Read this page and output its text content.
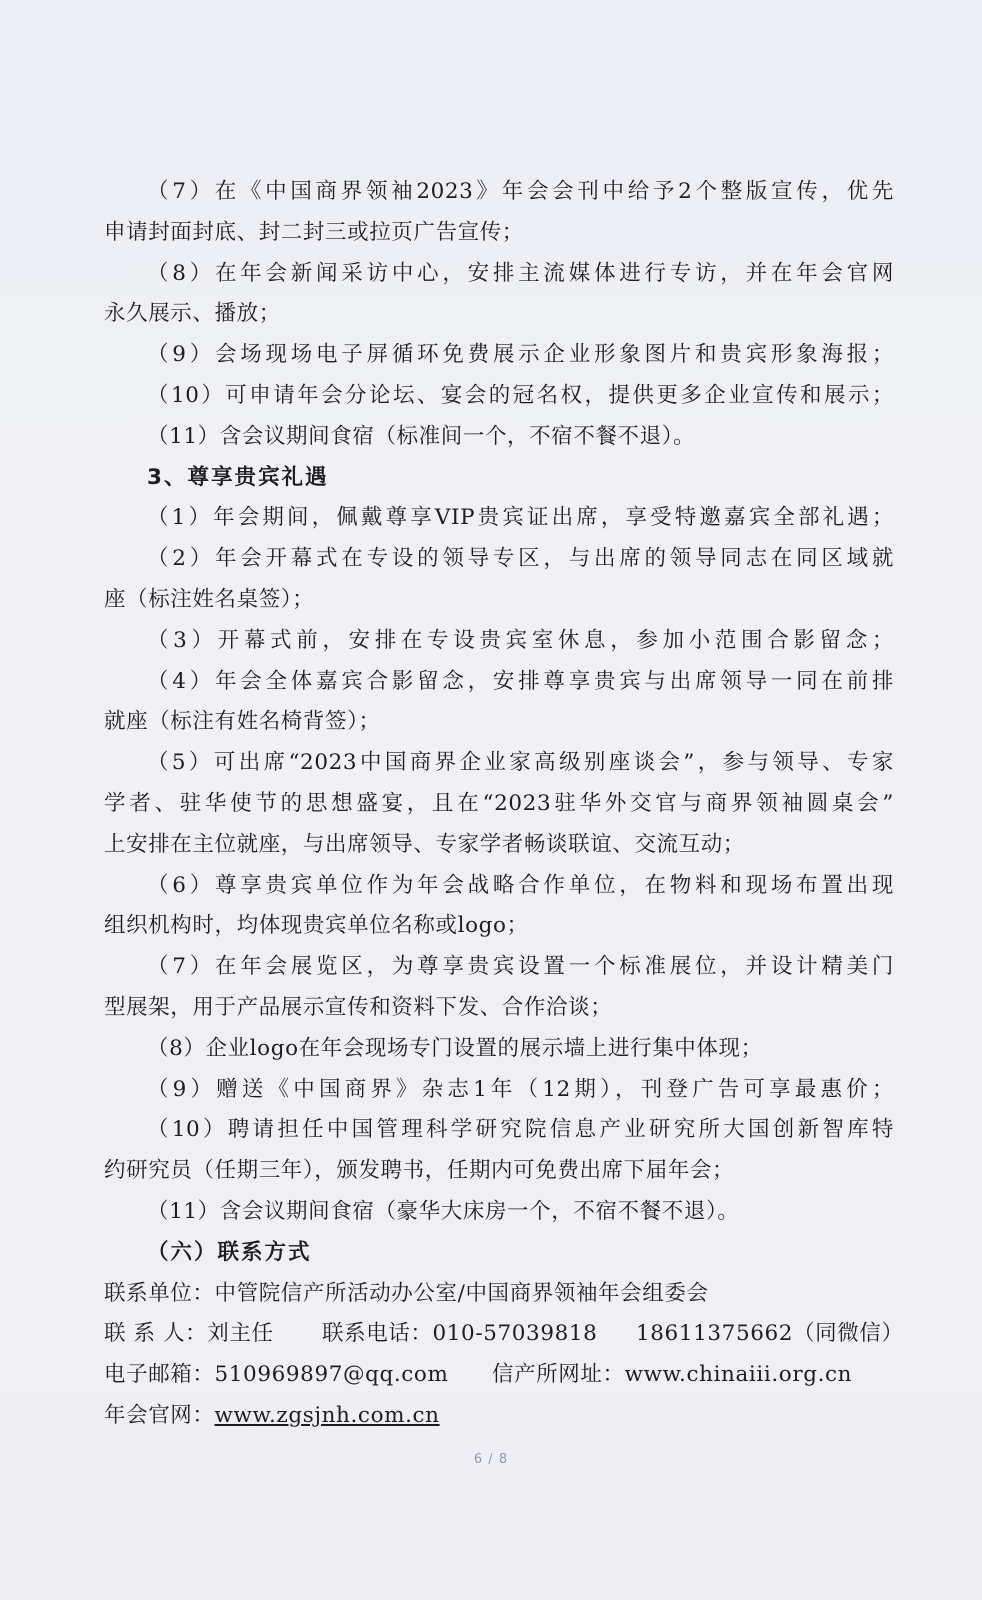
（7）在《中国商界领袖2023》年会会刊中给予2个整版宣传，优先
申请封面封底、封二封三或拉页广告宣传；
（8）在年会新闻采访中心，安排主流媒体进行专访，并在年会官网
永久展示、播放；
（9）会场现场电子屏循环免费展示企业形象图片和贵宾形象海报；
（10）可申请年会分论坛、宴会的冠名权，提供更多企业宣传和展示；
（11）含会议期间食宿（标准间一个，不宿不餐不退）。
3、尊享贵宾礼遇
（1）年会期间，佩戴尊享VIP贵宾证出席，享受特邀嘉宾全部礼遇；
（2）年会开幕式在专设的领导专区，与出席的领导同志在同区域就
座（标注姓名桌签）；
（3）开幕式前，安排在专设贵宾室休息，参加小范围合影留念；
（4）年会全体嘉宾合影留念，安排尊享贵宾与出席领导一同在前排
就座（标注有姓名椅背签）；
（5）可出席“2023中国商界企业家高级别座谈会”，参与领导、专家
学者、驻华使节的思想盛宴，且在“2023驻华外交官与商界领袖圆桌会”
上安排在主位就座，与出席领导、专家学者畅谈联谊、交流互动；
（6）尊享贵宾单位作为年会战略合作单位，在物料和现场布置出现
组织机构时，均体现贵宾单位名称或logo；
（7）在年会展览区，为尊享贵宾设置一个标准展位，并设计精美门
型展架，用于产品展示宣传和资料下发、合作洽谈；
（8）企业logo在年会现场专门设置的展示墙上进行集中体现；
（9）赠送《中国商界》杂志1年（12期），刊登广告可享最惠价；
（10）聘请担任中国管理科学研究院信息产业研究所大国创新智库特
约研究员（任期三年），颁发聘书，任期内可免费出席下届年会；
（11）含会议期间食宿（豪华大床房一个，不宿不餐不退）。
（六）联系方式
联系单位：中管院信产所活动办公室/中国商界领袖年会组委会
联 系 人：刘主任 联系电话：010-57039818 18611375662（同微信）
电子邮箱：510969897@qq.com 信产所网址：www.chinaiii.org.cn
年会官网：www.zgsjnh.com.cn
6 / 8
